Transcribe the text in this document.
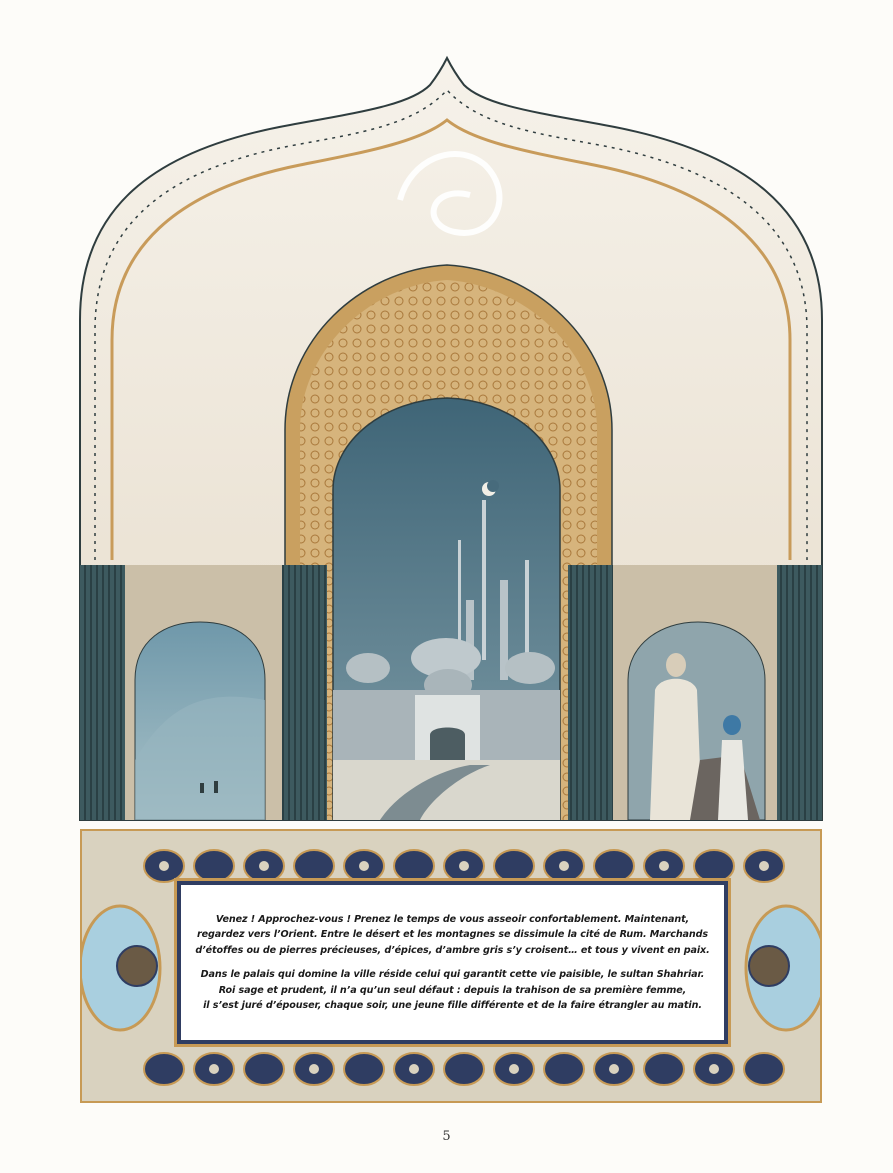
Venez ! Approchez-vous ! Prenez le temps de vous asseoir confortablement. Maintenant,
regardez vers l’Orient. Entre le désert et les montagnes se dissimule la cité de Rum. Marchands
d’étoffes ou de pierres précieuses, d’épices, d’ambre gris s’y croisent… et tous y vivent en paix.
Dans le palais qui domine la ville réside celui qui garantit cette vie paisible, le sultan Shahriar.
Roi sage et prudent, il n’a qu’un seul défaut : depuis la trahison de sa première femme,
il s’est juré d’épouser, chaque soir, une jeune fille différente et de la faire étrangler au matin.
5
